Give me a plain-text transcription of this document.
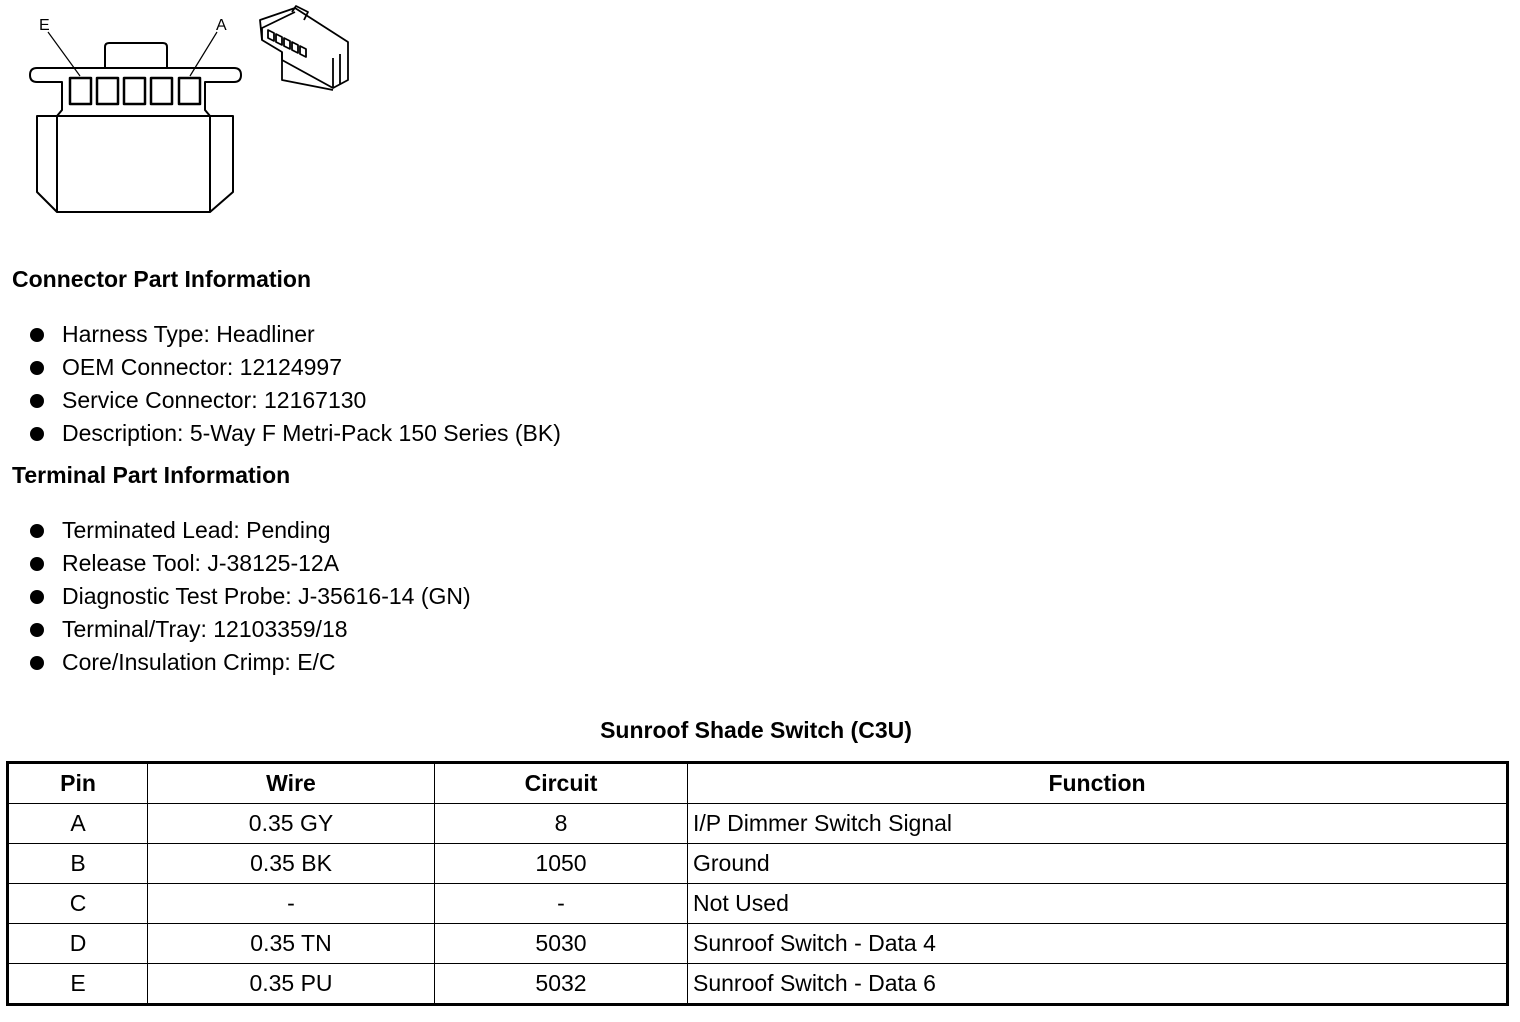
E	A
Connector Part Information
Harness Type: Headliner
OEM Connector: 12124997
Service Connector: 12167130
Description: 5-Way F Metri-Pack 150 Series (BK)
Terminal Part Information
Terminated Lead: Pending
Release Tool: J-38125-12A
Diagnostic Test Probe: J-35616-14 (GN)
Terminal/Tray: 12103359/18
Core/Insulation Crimp: E/C
Sunroof Shade Switch (C3U)
Pin	Wire	Circuit	Function
A	0.35 GY	8	I/P Dimmer Switch Signal
B	0.35 BK	1050	Ground
C	-	-	Not Used
D	0.35 TN	5030	Sunroof Switch - Data 4
E	0.35 PU	5032	Sunroof Switch - Data 6
